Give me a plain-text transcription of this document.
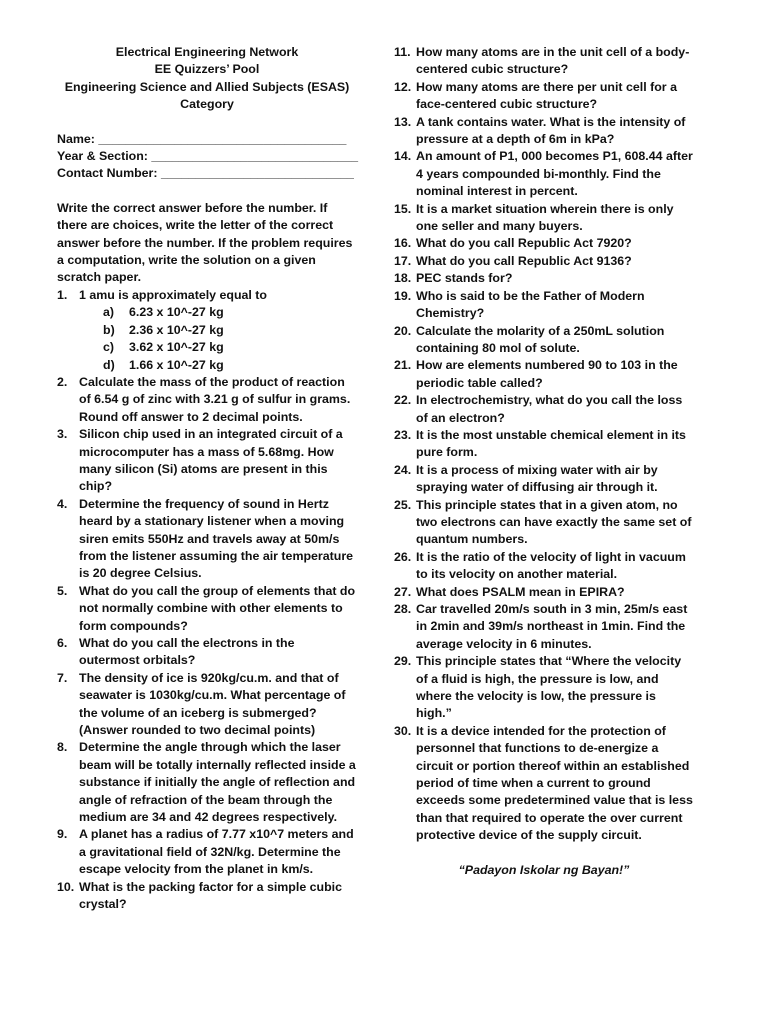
Electrical Engineering Network
EE Quizzers’ Pool
Engineering Science and Allied Subjects (ESAS)
Category
Name: ____________________________________
Year & Section: ______________________________
Contact Number: ____________________________
Write the correct answer before the number. If there are choices, write the letter of the correct answer before the number. If the problem requires a computation, write the solution on a given scratch paper.
1. 1 amu is approximately equal to
a)	6.23 x 10^-27 kg
b)	2.36 x 10^-27 kg
c)	3.62 x 10^-27 kg
d)	1.66 x 10^-27 kg
2. Calculate the mass of the product of reaction of 6.54 g of zinc with 3.21 g of sulfur in grams. Round off answer to 2 decimal points.
3. Silicon chip used in an integrated circuit of a microcomputer has a mass of 5.68mg. How many silicon (Si) atoms are present in this chip?
4. Determine the frequency of sound in Hertz heard by a stationary listener when a moving siren emits 550Hz and travels away at 50m/s from the listener assuming the air temperature is 20 degree Celsius.
5. What do you call the group of elements that do not normally combine with other elements to form compounds?
6. What do you call the electrons in the outermost orbitals?
7. The density of ice is 920kg/cu.m. and that of seawater is 1030kg/cu.m. What percentage of the volume of an iceberg is submerged? (Answer rounded to two decimal points)
8. Determine the angle through which the laser beam will be totally internally reflected inside a substance if initially the angle of reflection and angle of refraction of the beam through the medium are 34 and 42 degrees respectively.
9. A planet has a radius of 7.77 x10^7 meters and a gravitational field of 32N/kg. Determine the escape velocity from the planet in km/s.
10. What is the packing factor for a simple cubic crystal?
11. How many atoms are in the unit cell of a body-centered cubic structure?
12. How many atoms are there per unit cell for a face-centered cubic structure?
13. A tank contains water. What is the intensity of pressure at a depth of 6m in kPa?
14. An amount of P1, 000 becomes P1, 608.44 after 4 years compounded bi-monthly. Find the nominal interest in percent.
15. It is a market situation wherein there is only one seller and many buyers.
16. What do you call Republic Act 7920?
17. What do you call Republic Act 9136?
18. PEC stands for?
19. Who is said to be the Father of Modern Chemistry?
20. Calculate the molarity of a 250mL solution containing 80 mol of solute.
21. How are elements numbered 90 to 103 in the periodic table called?
22. In electrochemistry, what do you call the loss of an electron?
23. It is the most unstable chemical element in its pure form.
24. It is a process of mixing water with air by spraying water of diffusing air through it.
25. This principle states that in a given atom, no two electrons can have exactly the same set of quantum numbers.
26. It is the ratio of the velocity of light in vacuum to its velocity on another material.
27. What does PSALM mean in EPIRA?
28. Car travelled 20m/s south in 3 min, 25m/s east in 2min and 39m/s northeast in 1min. Find the average velocity in 6 minutes.
29. This principle states that “Where the velocity of a fluid is high, the pressure is low, and where the velocity is low, the pressure is high.”
30. It is a device intended for the protection of personnel that functions to de-energize a circuit or portion thereof within an established period of time when a current to ground exceeds some predetermined value that is less than that required to operate the over current protective device of the supply circuit.
“Padayon Iskolar ng Bayan!”
